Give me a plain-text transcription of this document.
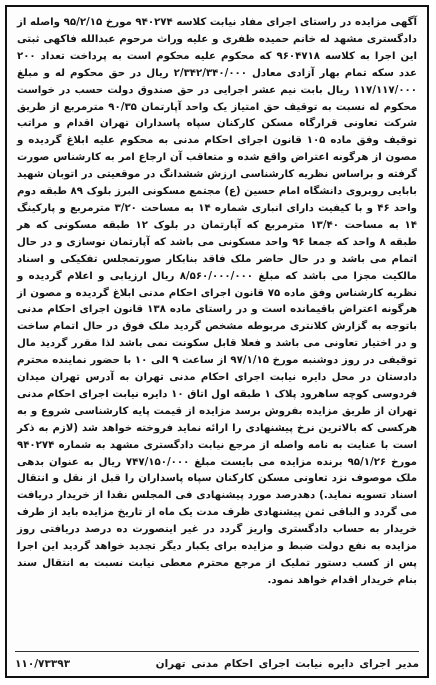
آگهی مزایده در راستای اجرای مفاد نیابت کلاسه ۹۴۰۲۷۴ مورخ ۹۵/۲/۱۵ واصله از دادگستری مشهد له خانم حمیده ظفری و علیه وراث مرحوم عبدالله فاکهی ثبتی این اجرا به کلاسه ۹۶۰۴۷۱۸ که محکوم علیه محکوم است به پرداخت تعداد ۲۰۰ عدد سکه تمام بهار آزادی معادل ۲/۳۴۲/۳۴۰/۰۰۰ ریال در حق محکوم له و مبلغ ۱۱۷/۱۱۷/۰۰۰ ریال بابت نیم عشر اجرایی در حق صندوق دولت حسب در خواست محکوم له نسبت به توقیف حق امتیاز یک واحد آپارتمان ۹۰/۳۵ مترمربع از طریق شرکت تعاونی قرارگاه مسکن کارکنان سپاه پاسداران تهران اقدام و مراتب توقیف وفق ماده ۱۰۵ قانون اجرای احکام مدنی به محکوم علیه ابلاغ گردیده و مصون از هرگونه اعتراض واقع شده و متعاقب آن ارجاع امر به کارشناس صورت گرفته و براساس نظریه کارشناسی ارزش ششدانگ در موقعیتی در اتوبان شهید بابایی روبروی دانشگاه امام حسین (ع) مجتمع مسکونی البرز بلوک ۸۹ طبقه دوم واحد ۴۶ و با کیفیت دارای انباری شماره ۱۴ به مساحت ۳/۲۰ مترمربع و پارکینگ ۱۴ به مساحت ۱۳/۴۰ مترمربع که آپارتمان در بلوک ۱۲ طبقه مسکونی که هر طبقه ۸ واحد که جمعا ۹۶ واحد مسکونی می باشد که آپارتمان نوسازی و در حال اتمام می باشد و در حال حاضر ملک فاقد بنابکار صورتمجلس تفکیکی و اسناد مالکیت مجزا می باشد که مبلغ ۸/۵۶۰/۰۰۰/۰۰۰ ریال ارزیابی و اعلام گردیده و نظریه کارشناس وفق ماده ۷۵ قانون اجرای احکام مدنی ابلاغ گردیده و مصون از هرگونه اعتراض باقیمانده است و در راستای ماده ۱۳۸ قانون اجرای احکام مدنی باتوجه به گزارش کلانتری مربوطه مشخص گردید ملک فوق در حال اتمام ساخت و در اختیار تعاونی می باشد و فعلا قابل سکونت نمی باشد لذا مقرر گردید مال توقیفی در روز دوشنبه مورخ ۹۷/۱/۱۵ از ساعت ۹ الی ۱۰ با حضور نماینده محترم دادستان در محل دایره نیابت اجرای احکام مدنی تهران به آدرس تهران میدان فردوسی کوچه ساهرود پلاک ۱ طبقه اول اتاق ۱۰ دایره نیابت اجرای احکام مدنی تهران از طریق مزایده بفروش برسد مزایده از قیمت پایه کارشناسی شروع و به هرکسی که بالاترین نرخ پیشنهادی را ارائه نماید فروخته خواهد شد (لازم به ذکر است با عنایت به نامه واصله از مرجع نیابت دادگستری مشهد به شماره ۹۴۰۲۷۴ مورخ ۹۵/۱/۲۶ برنده مزایده می بایست مبلغ ۷۴۷/۱۵۰/۰۰۰ ریال به عنوان بدهی ملک موصوف نزد تعاونی مسکن کارکنان سپاه پاسداران را قبل از نقل و انتقال اسناد تسویه نماید.) دهدرصد مورد پیشنهادی فی المجلس نقدا از خریدار دریافت می گردد و الباقی ثمن پیشنهادی ظرف مدت یک ماه از تاریخ مزایده باید از طرف خریدار به حساب دادگستری واریز گردد در غیر اینصورت ده درصد دریافتی روز مزایده به نفع دولت ضبط و مزایده برای یکبار دیگر تجدید خواهد گردید این اجرا پس از کسب دستور تملیک از مرجع محترم معطی نیابت نسبت به انتقال سند بنام خریدار اقدام خواهد نمود.

مدیر اجرای دایره نیابت اجرای احکام مدنی تهران
۱۱۰/۷۳۳۹۳
